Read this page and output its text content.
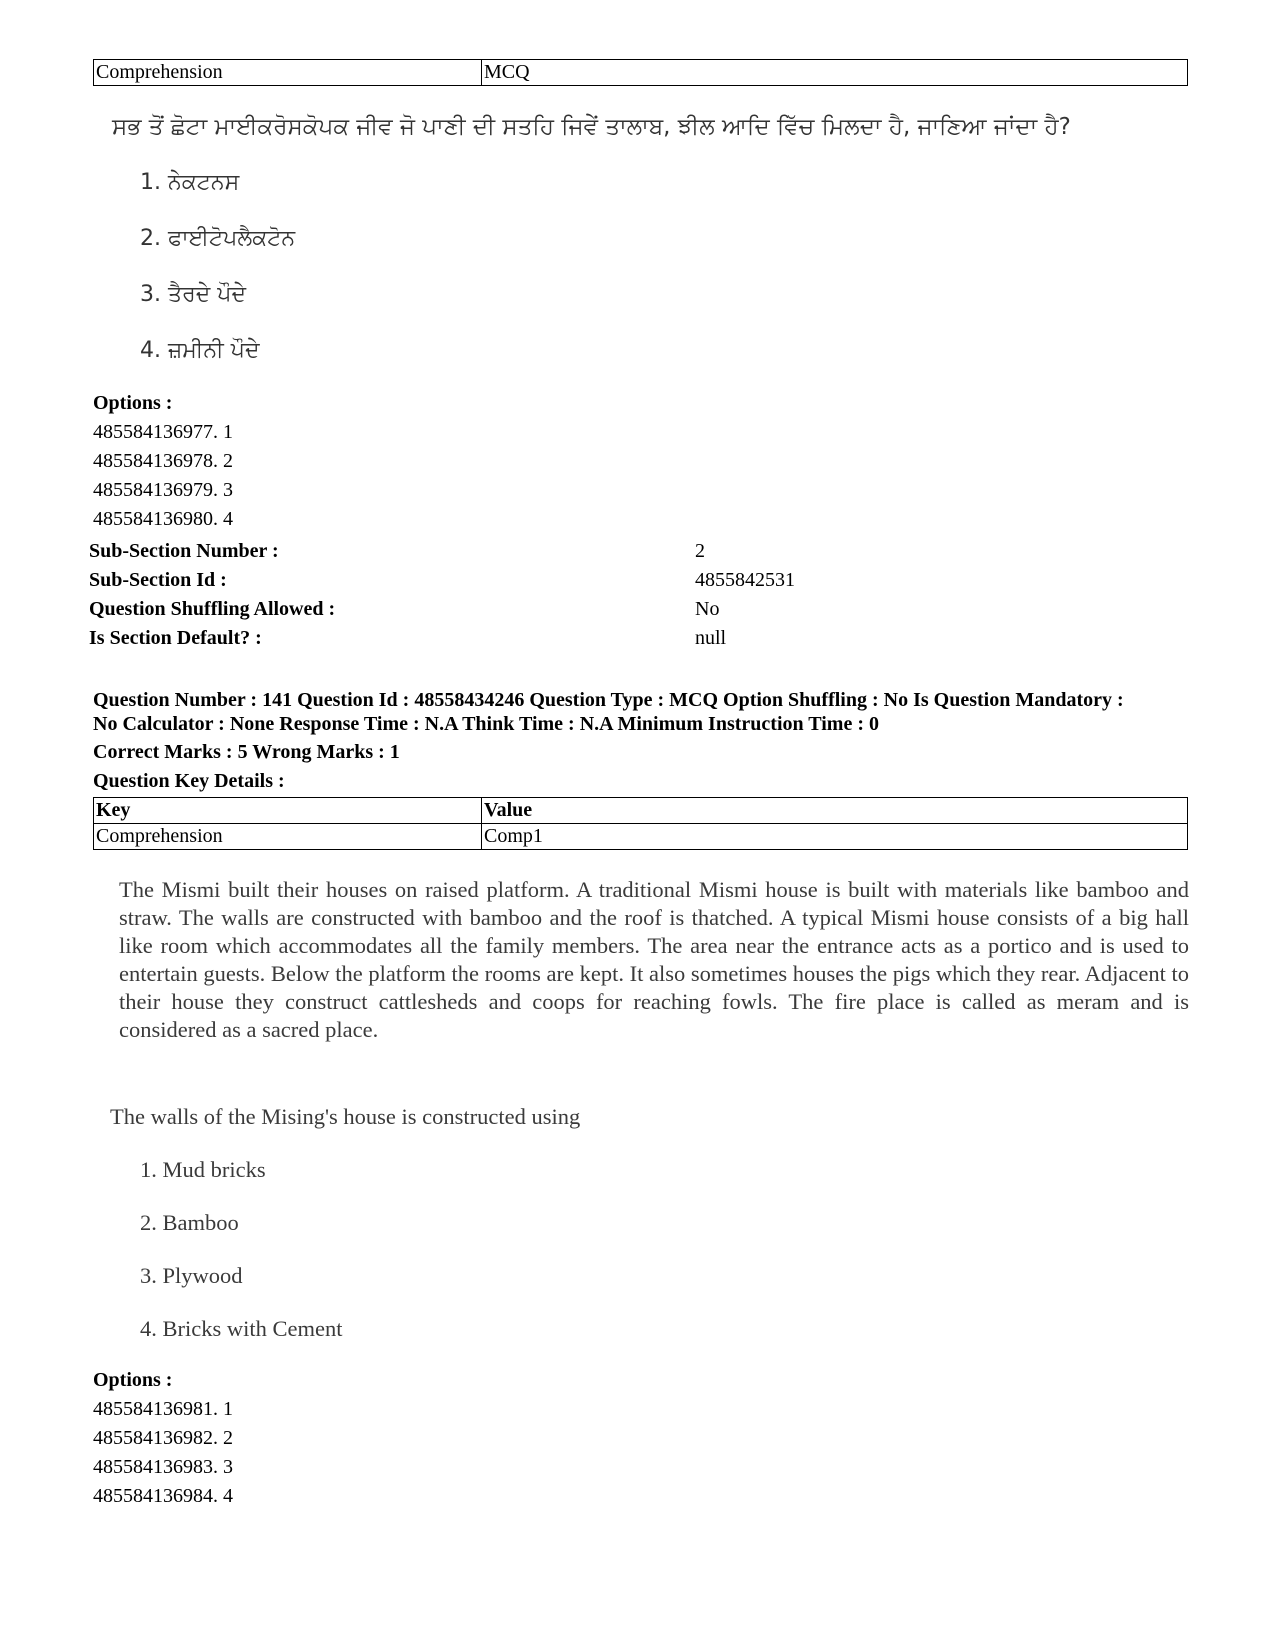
Comprehension	MCQ
ਸਭ ਤੋਂ ਛੋਟਾ ਮਾਈਕਰੋਸਕੋਪਕ ਜੀਵ ਜੋ ਪਾਣੀ ਦੀ ਸਤਹਿ ਜਿਵੇਂ ਤਾਲਾਬ, ਝੀਲ ਆਦਿ ਵਿੱਚ ਮਿਲਦਾ ਹੈ, ਜਾਣਿਆ ਜਾਂਦਾ ਹੈ?
1. ਨੇਕਟਨਸ
2. ਫਾਈਟੋਪਲੈਕਟੋਨ
3. ਤੈਰਦੇ ਪੌਦੇ
4. ਜ਼ਮੀਨੀ ਪੌਦੇ
Options :
485584136977. 1
485584136978. 2
485584136979. 3
485584136980. 4
Sub-Section Number :	2
Sub-Section Id :	4855842531
Question Shuffling Allowed :	No
Is Section Default? :	null
Question Number : 141 Question Id : 48558434246 Question Type : MCQ Option Shuffling : No Is Question Mandatory :
No Calculator : None Response Time : N.A Think Time : N.A Minimum Instruction Time : 0
Correct Marks : 5 Wrong Marks : 1
Question Key Details :
Key	Value
Comprehension	Comp1
The Mismi built their houses on raised platform. A traditional Mismi house is built with materials like bamboo and straw. The walls are constructed with bamboo and the roof is thatched. A typical Mismi house consists of a big hall like room which accommodates all the family members. The area near the entrance acts as a portico and is used to entertain guests. Below the platform the rooms are kept. It also sometimes houses the pigs which they rear. Adjacent to their house they construct cattlesheds and coops for reaching fowls. The fire place is called as meram and is considered as a sacred place.
The walls of the Mising's house is constructed using
1. Mud bricks
2. Bamboo
3. Plywood
4. Bricks with Cement
Options :
485584136981. 1
485584136982. 2
485584136983. 3
485584136984. 4
